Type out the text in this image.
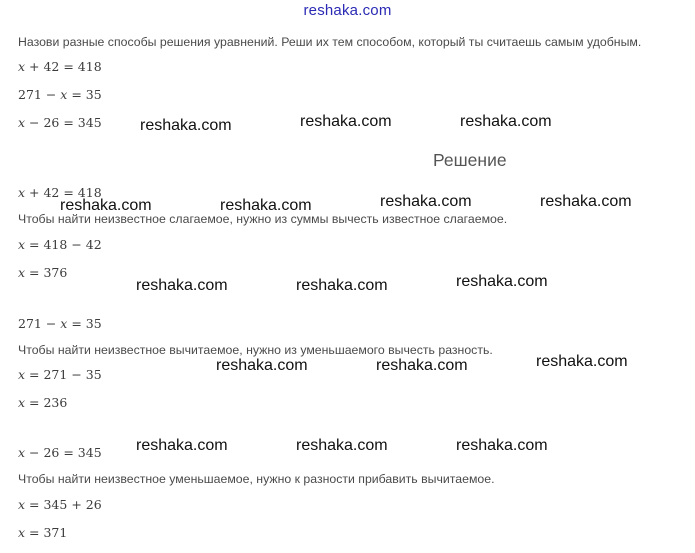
reshaka.com
Назови разные способы решения уравнений. Реши их тем способом, который ты считаешь самым удобным.
x + 42 = 418
271 − x = 35
x − 26 = 345
Решение
x + 42 = 418
Чтобы найти неизвестное слагаемое, нужно из суммы вычесть известное слагаемое.
x = 418 − 42
x = 376
271 − x = 35
Чтобы найти неизвестное вычитаемое, нужно из уменьшаемого вычесть разность.
x = 271 − 35
x = 236
x − 26 = 345
Чтобы найти неизвестное уменьшаемое, нужно к разности прибавить вычитаемое.
x = 345 + 26
x = 371
reshaka.com	reshaka.com	reshaka.com
reshaka.com	reshaka.com	reshaka.com	reshaka.com
reshaka.com	reshaka.com	reshaka.com
reshaka.com	reshaka.com	reshaka.com
reshaka.com	reshaka.com	reshaka.com
